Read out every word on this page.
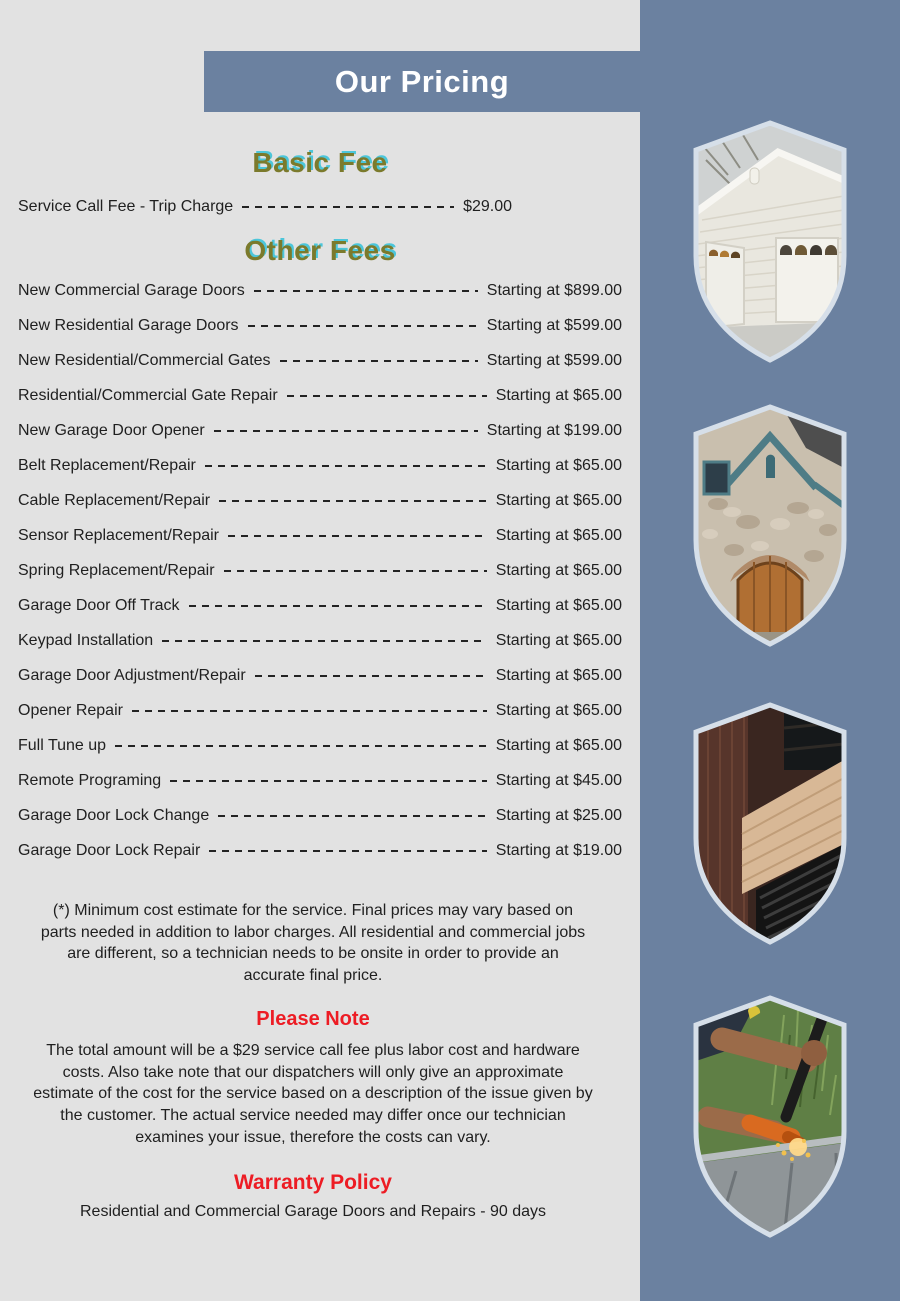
Our Pricing
Basic Fee
Service Call Fee - Trip Charge	$29.00
Other Fees
New Commercial Garage Doors	Starting at $899.00
New Residential Garage Doors	Starting at $599.00
New Residential/Commercial Gates	Starting at $599.00
Residential/Commercial Gate Repair	Starting at $65.00
New Garage Door Opener	Starting at $199.00
Belt Replacement/Repair	Starting at $65.00
Cable Replacement/Repair	Starting at $65.00
Sensor Replacement/Repair	Starting at $65.00
Spring Replacement/Repair	Starting at $65.00
Garage Door Off Track	Starting at $65.00
Keypad Installation	Starting at $65.00
Garage Door Adjustment/Repair	Starting at $65.00
Opener Repair	Starting at $65.00
Full Tune up	Starting at $65.00
Remote Programing	Starting at $45.00
Garage Door Lock Change	Starting at $25.00
Garage Door Lock Repair	Starting at $19.00

(*) Minimum cost estimate for the service. Final prices may vary based on parts needed in addition to labor charges. All residential and commercial jobs are different, so a technician needs to be onsite in order to provide an accurate final price.

Please Note

The total amount will be a $29 service call fee plus labor cost and hardware costs. Also take note that our dispatchers will only give an approximate estimate of the cost for the service based on a description of the issue given by the customer. The actual service needed may differ once our technician examines your issue, therefore the costs can vary.

Warranty Policy
Residential and Commercial Garage Doors and Repairs - 90 days
